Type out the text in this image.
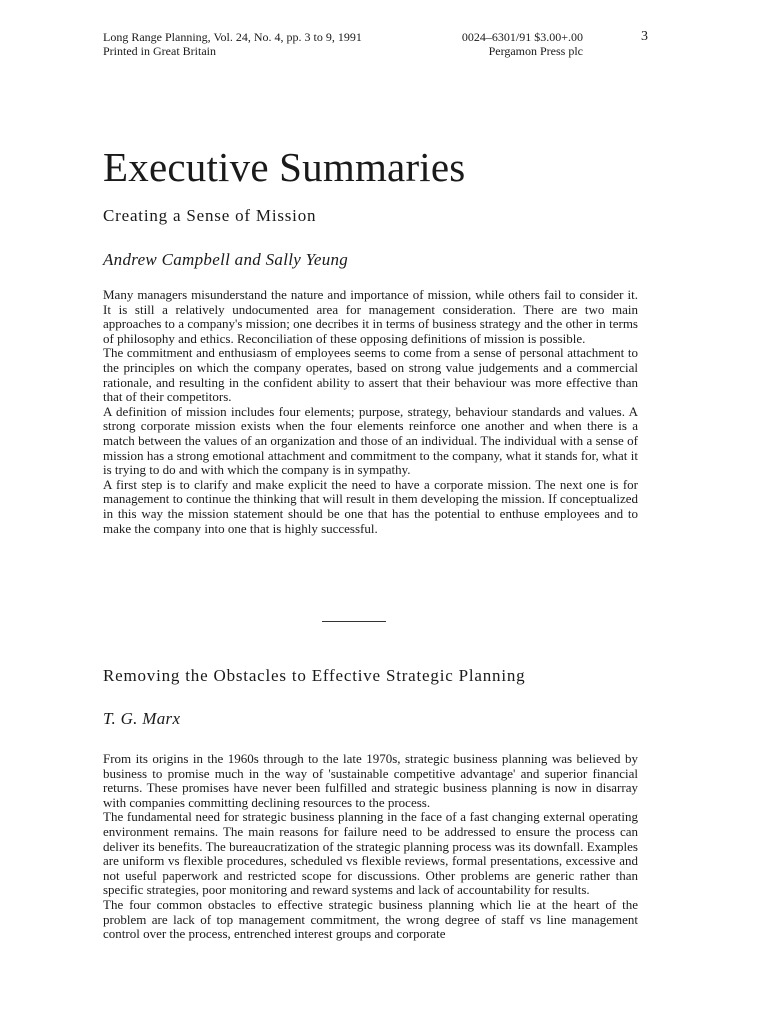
Long Range Planning, Vol. 24, No. 4, pp. 3 to 9, 1991
Printed in Great Britain
0024–6301/91 $3.00+.00
Pergamon Press plc
3
Executive Summaries
Creating a Sense of Mission
Andrew Campbell and Sally Yeung

Many managers misunderstand the nature and importance of mission, while others fail to consider it. It is still a relatively undocumented area for management consideration. There are two main approaches to a company's mission; one decribes it in terms of business strategy and the other in terms of philosophy and ethics. Reconciliation of these opposing definitions of mission is possible.

The commitment and enthusiasm of employees seems to come from a sense of personal attachment to the principles on which the company operates, based on strong value judgements and a commercial rationale, and resulting in the confident ability to assert that their behaviour was more effective than that of their competitors.

A definition of mission includes four elements; purpose, strategy, behaviour standards and values. A strong corporate mission exists when the four elements reinforce one another and when there is a match between the values of an organization and those of an individual. The individual with a sense of mission has a strong emotional attachment and commitment to the company, what it stands for, what it is trying to do and with which the company is in sympathy.

A first step is to clarify and make explicit the need to have a corporate mission. The next one is for management to continue the thinking that will result in them developing the mission. If conceptualized in this way the mission statement should be one that has the potential to enthuse employees and to make the company into one that is highly successful.

Removing the Obstacles to Effective Strategic Planning
T. G. Marx

From its origins in the 1960s through to the late 1970s, strategic business planning was believed by business to promise much in the way of 'sustainable competitive advantage' and superior financial returns. These promises have never been fulfilled and strategic business planning is now in disarray with companies committing declining resources to the process.

The fundamental need for strategic business planning in the face of a fast changing external operating environment remains. The main reasons for failure need to be addressed to ensure the process can deliver its benefits. The bureaucratization of the strategic planning process was its downfall. Examples are uniform vs flexible procedures, scheduled vs flexible reviews, formal presentations, excessive and not useful paperwork and restricted scope for discussions. Other problems are generic rather than specific strategies, poor monitoring and reward systems and lack of accountability for results.

The four common obstacles to effective strategic business planning which lie at the heart of the problem are lack of top management commitment, the wrong degree of staff vs line management control over the process, entrenched interest groups and corporate
